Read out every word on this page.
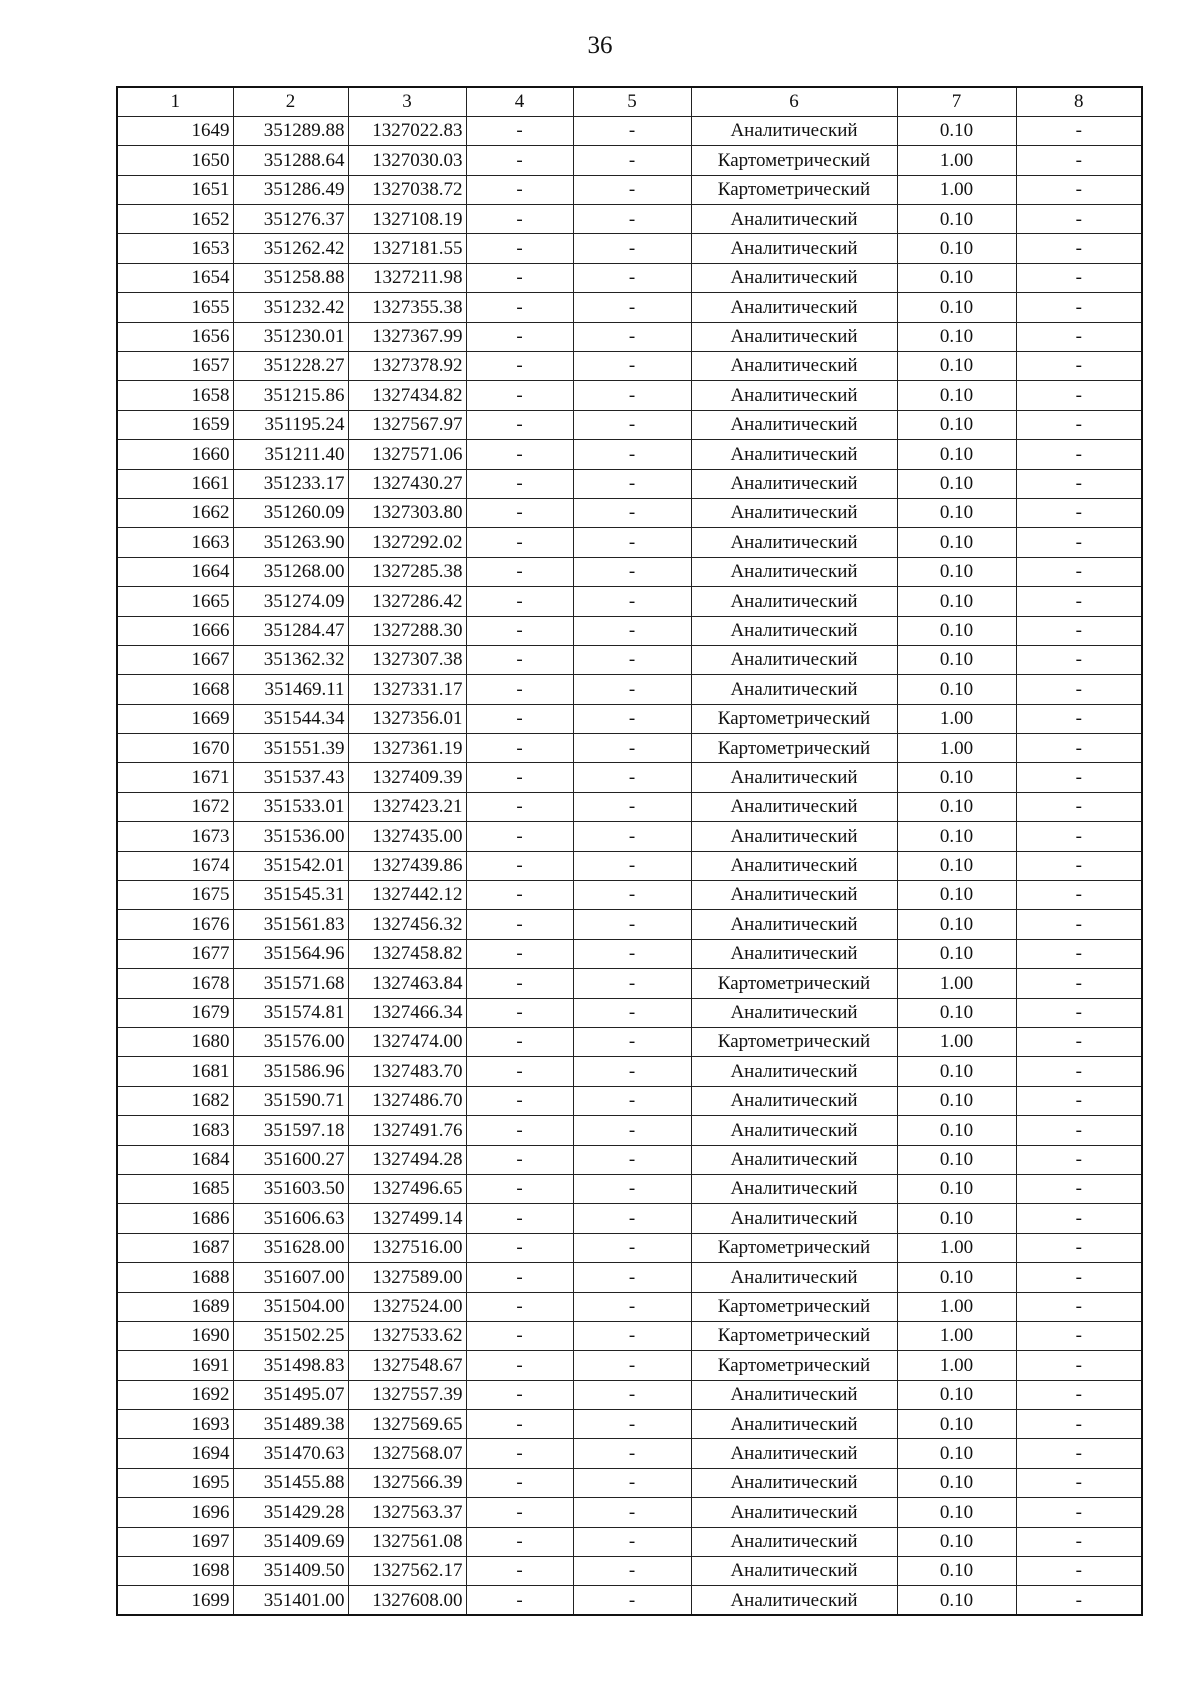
36
1	2	3	4	5	6	7	8
1649	351289.88	1327022.83	-	-	Аналитический	0.10	-
1650	351288.64	1327030.03	-	-	Картометрический	1.00	-
1651	351286.49	1327038.72	-	-	Картометрический	1.00	-
1652	351276.37	1327108.19	-	-	Аналитический	0.10	-
1653	351262.42	1327181.55	-	-	Аналитический	0.10	-
1654	351258.88	1327211.98	-	-	Аналитический	0.10	-
1655	351232.42	1327355.38	-	-	Аналитический	0.10	-
1656	351230.01	1327367.99	-	-	Аналитический	0.10	-
1657	351228.27	1327378.92	-	-	Аналитический	0.10	-
1658	351215.86	1327434.82	-	-	Аналитический	0.10	-
1659	351195.24	1327567.97	-	-	Аналитический	0.10	-
1660	351211.40	1327571.06	-	-	Аналитический	0.10	-
1661	351233.17	1327430.27	-	-	Аналитический	0.10	-
1662	351260.09	1327303.80	-	-	Аналитический	0.10	-
1663	351263.90	1327292.02	-	-	Аналитический	0.10	-
1664	351268.00	1327285.38	-	-	Аналитический	0.10	-
1665	351274.09	1327286.42	-	-	Аналитический	0.10	-
1666	351284.47	1327288.30	-	-	Аналитический	0.10	-
1667	351362.32	1327307.38	-	-	Аналитический	0.10	-
1668	351469.11	1327331.17	-	-	Аналитический	0.10	-
1669	351544.34	1327356.01	-	-	Картометрический	1.00	-
1670	351551.39	1327361.19	-	-	Картометрический	1.00	-
1671	351537.43	1327409.39	-	-	Аналитический	0.10	-
1672	351533.01	1327423.21	-	-	Аналитический	0.10	-
1673	351536.00	1327435.00	-	-	Аналитический	0.10	-
1674	351542.01	1327439.86	-	-	Аналитический	0.10	-
1675	351545.31	1327442.12	-	-	Аналитический	0.10	-
1676	351561.83	1327456.32	-	-	Аналитический	0.10	-
1677	351564.96	1327458.82	-	-	Аналитический	0.10	-
1678	351571.68	1327463.84	-	-	Картометрический	1.00	-
1679	351574.81	1327466.34	-	-	Аналитический	0.10	-
1680	351576.00	1327474.00	-	-	Картометрический	1.00	-
1681	351586.96	1327483.70	-	-	Аналитический	0.10	-
1682	351590.71	1327486.70	-	-	Аналитический	0.10	-
1683	351597.18	1327491.76	-	-	Аналитический	0.10	-
1684	351600.27	1327494.28	-	-	Аналитический	0.10	-
1685	351603.50	1327496.65	-	-	Аналитический	0.10	-
1686	351606.63	1327499.14	-	-	Аналитический	0.10	-
1687	351628.00	1327516.00	-	-	Картометрический	1.00	-
1688	351607.00	1327589.00	-	-	Аналитический	0.10	-
1689	351504.00	1327524.00	-	-	Картометрический	1.00	-
1690	351502.25	1327533.62	-	-	Картометрический	1.00	-
1691	351498.83	1327548.67	-	-	Картометрический	1.00	-
1692	351495.07	1327557.39	-	-	Аналитический	0.10	-
1693	351489.38	1327569.65	-	-	Аналитический	0.10	-
1694	351470.63	1327568.07	-	-	Аналитический	0.10	-
1695	351455.88	1327566.39	-	-	Аналитический	0.10	-
1696	351429.28	1327563.37	-	-	Аналитический	0.10	-
1697	351409.69	1327561.08	-	-	Аналитический	0.10	-
1698	351409.50	1327562.17	-	-	Аналитический	0.10	-
1699	351401.00	1327608.00	-	-	Аналитический	0.10	-
